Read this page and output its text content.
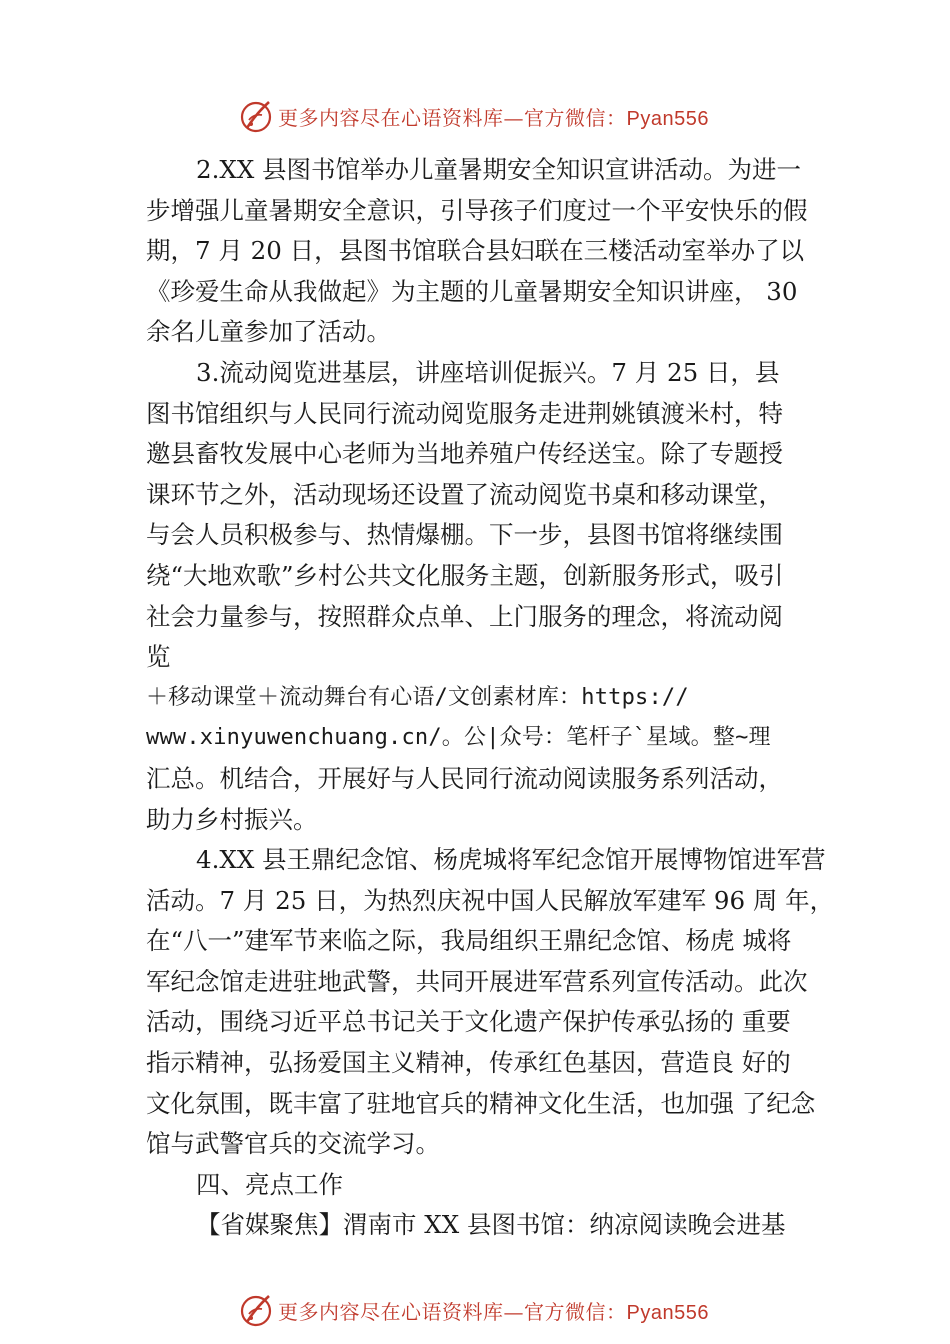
更多内容尽在心语资料库—官方微信：Pyan556
2.XX 县图书馆举办儿童暑期安全知识宣讲活动。为进一
步增强儿童暑期安全意识，引导孩子们度过一个平安快乐的假
期，7 月 20 日，县图书馆联合县妇联在三楼活动室举办了以
《珍爱生命从我做起》为主题的儿童暑期安全知识讲座， 30
余名儿童参加了活动。
3.流动阅览进基层，讲座培训促振兴。7 月 25 日，县
图书馆组织与人民同行流动阅览服务走进荆姚镇渡米村，特
邀县畜牧发展中心老师为当地养殖户传经送宝。除了专题授
课环节之外，活动现场还设置了流动阅览书桌和移动课堂，
与会人员积极参与、热情爆棚。下一步，县图书馆将继续围
绕“大地欢歌”乡村公共文化服务主题，创新服务形式，吸引
社会力量参与，按照群众点单、上门服务的理念，将流动阅
览
＋移动课堂＋流动舞台有心语/文创素材库：https://
www.xinyuwenchuang.cn/。公|众号：笔杆子`星域。整~理
汇总。机结合，开展好与人民同行流动阅读服务系列活动，
助力乡村振兴。
4.XX 县王鼎纪念馆、杨虎城将军纪念馆开展博物馆进军营
活动。7 月 25 日，为热烈庆祝中国人民解放军建军 96 周 年，
在“八一”建军节来临之际，我局组织王鼎纪念馆、杨虎 城将
军纪念馆走进驻地武警，共同开展进军营系列宣传活动。此次
活动，围绕习近平总书记关于文化遗产保护传承弘扬的 重要
指示精神，弘扬爱国主义精神，传承红色基因，营造良 好的
文化氛围，既丰富了驻地官兵的精神文化生活，也加强 了纪念
馆与武警官兵的交流学习。
四、亮点工作
【省媒聚焦】渭南市 XX 县图书馆：纳凉阅读晚会进基
更多内容尽在心语资料库—官方微信：Pyan556
